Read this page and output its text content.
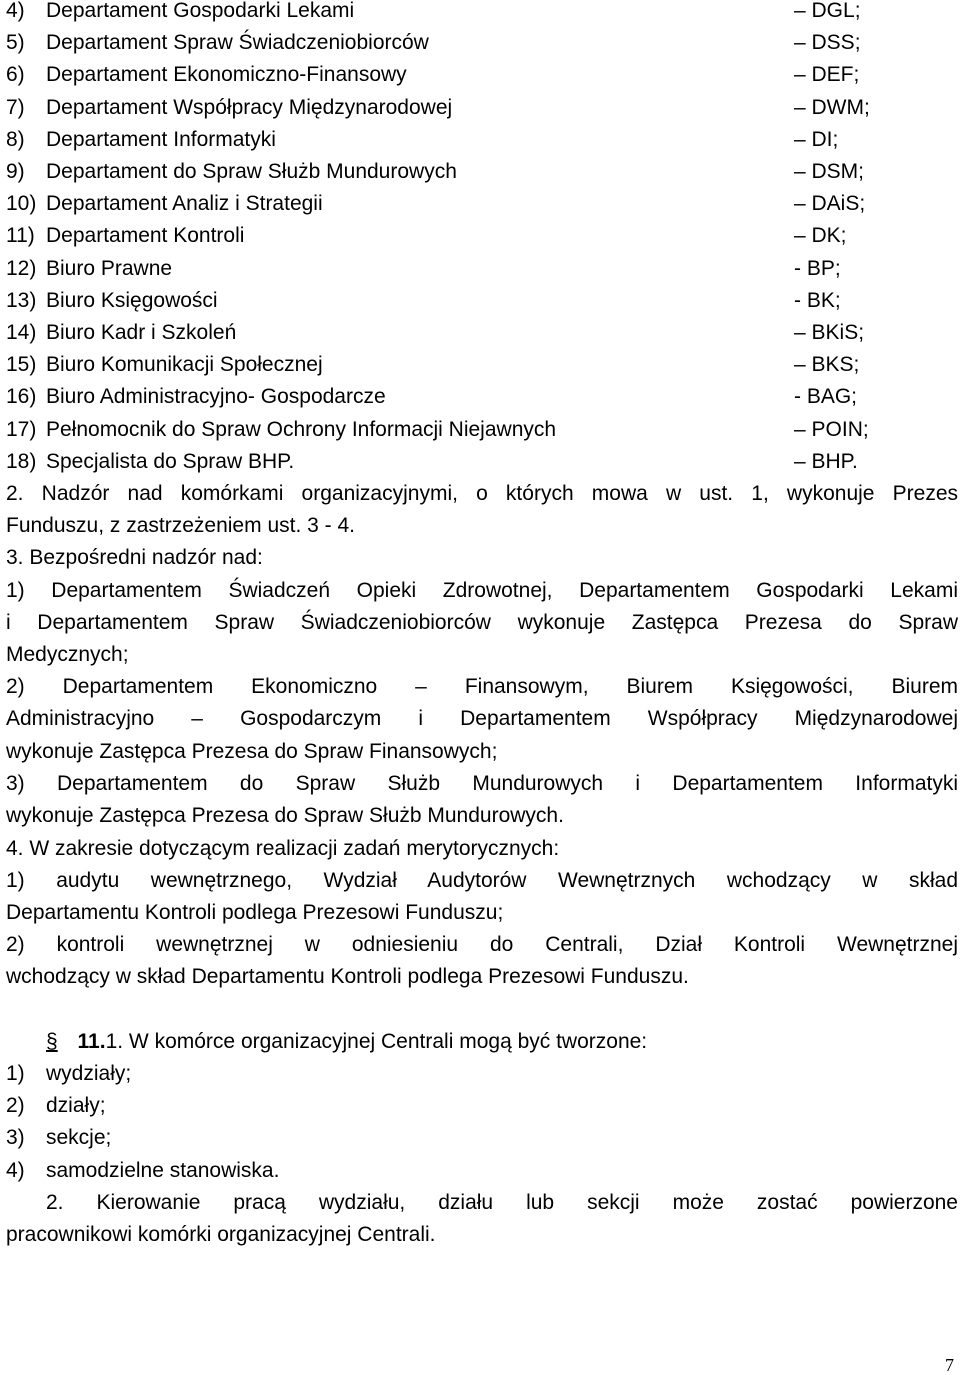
4) Departament Gospodarki Lekami	– DGL;
5) Departament Spraw Świadczeniobiorców	– DSS;
6) Departament Ekonomiczno-Finansowy	– DEF;
7) Departament Współpracy Międzynarodowej	– DWM;
8) Departament Informatyki	– DI;
9) Departament do Spraw Służb Mundurowych	– DSM;
10) Departament Analiz i Strategii	– DAiS;
11) Departament Kontroli	– DK;
12) Biuro Prawne	- BP;
13) Biuro Księgowości	- BK;
14) Biuro Kadr i Szkoleń	– BKiS;
15) Biuro Komunikacji Społecznej	– BKS;
16) Biuro Administracyjno- Gospodarcze	- BAG;
17) Pełnomocnik do Spraw Ochrony Informacji Niejawnych	– POIN;
18) Specjalista do Spraw BHP.	– BHP.
2. Nadzór nad komórkami organizacyjnymi, o których mowa w ust. 1, wykonuje Prezes
Funduszu, z zastrzeżeniem ust. 3 - 4.
3. Bezpośredni nadzór nad:
1) Departamentem Świadczeń Opieki Zdrowotnej, Departamentem Gospodarki Lekami
i Departamentem Spraw Świadczeniobiorców wykonuje Zastępca Prezesa do Spraw
Medycznych;
2) Departamentem Ekonomiczno – Finansowym, Biurem Księgowości, Biurem
Administracyjno – Gospodarczym i Departamentem Współpracy Międzynarodowej
wykonuje Zastępca Prezesa do Spraw Finansowych;
3) Departamentem do Spraw Służb Mundurowych i Departamentem Informatyki
wykonuje Zastępca Prezesa do Spraw Służb Mundurowych.
4. W zakresie dotyczącym realizacji zadań merytorycznych:
1) audytu wewnętrznego, Wydział Audytorów Wewnętrznych wchodzący w skład
Departamentu Kontroli podlega Prezesowi Funduszu;
2) kontroli wewnętrznej w odniesieniu do Centrali, Dział Kontroli Wewnętrznej
wchodzący w skład Departamentu Kontroli podlega Prezesowi Funduszu.
§ 11.1. W komórce organizacyjnej Centrali mogą być tworzone:
1) wydziały;
2) działy;
3) sekcje;
4) samodzielne stanowiska.
2. Kierowanie pracą wydziału, działu lub sekcji może zostać powierzone
pracownikowi komórki organizacyjnej Centrali.
7
